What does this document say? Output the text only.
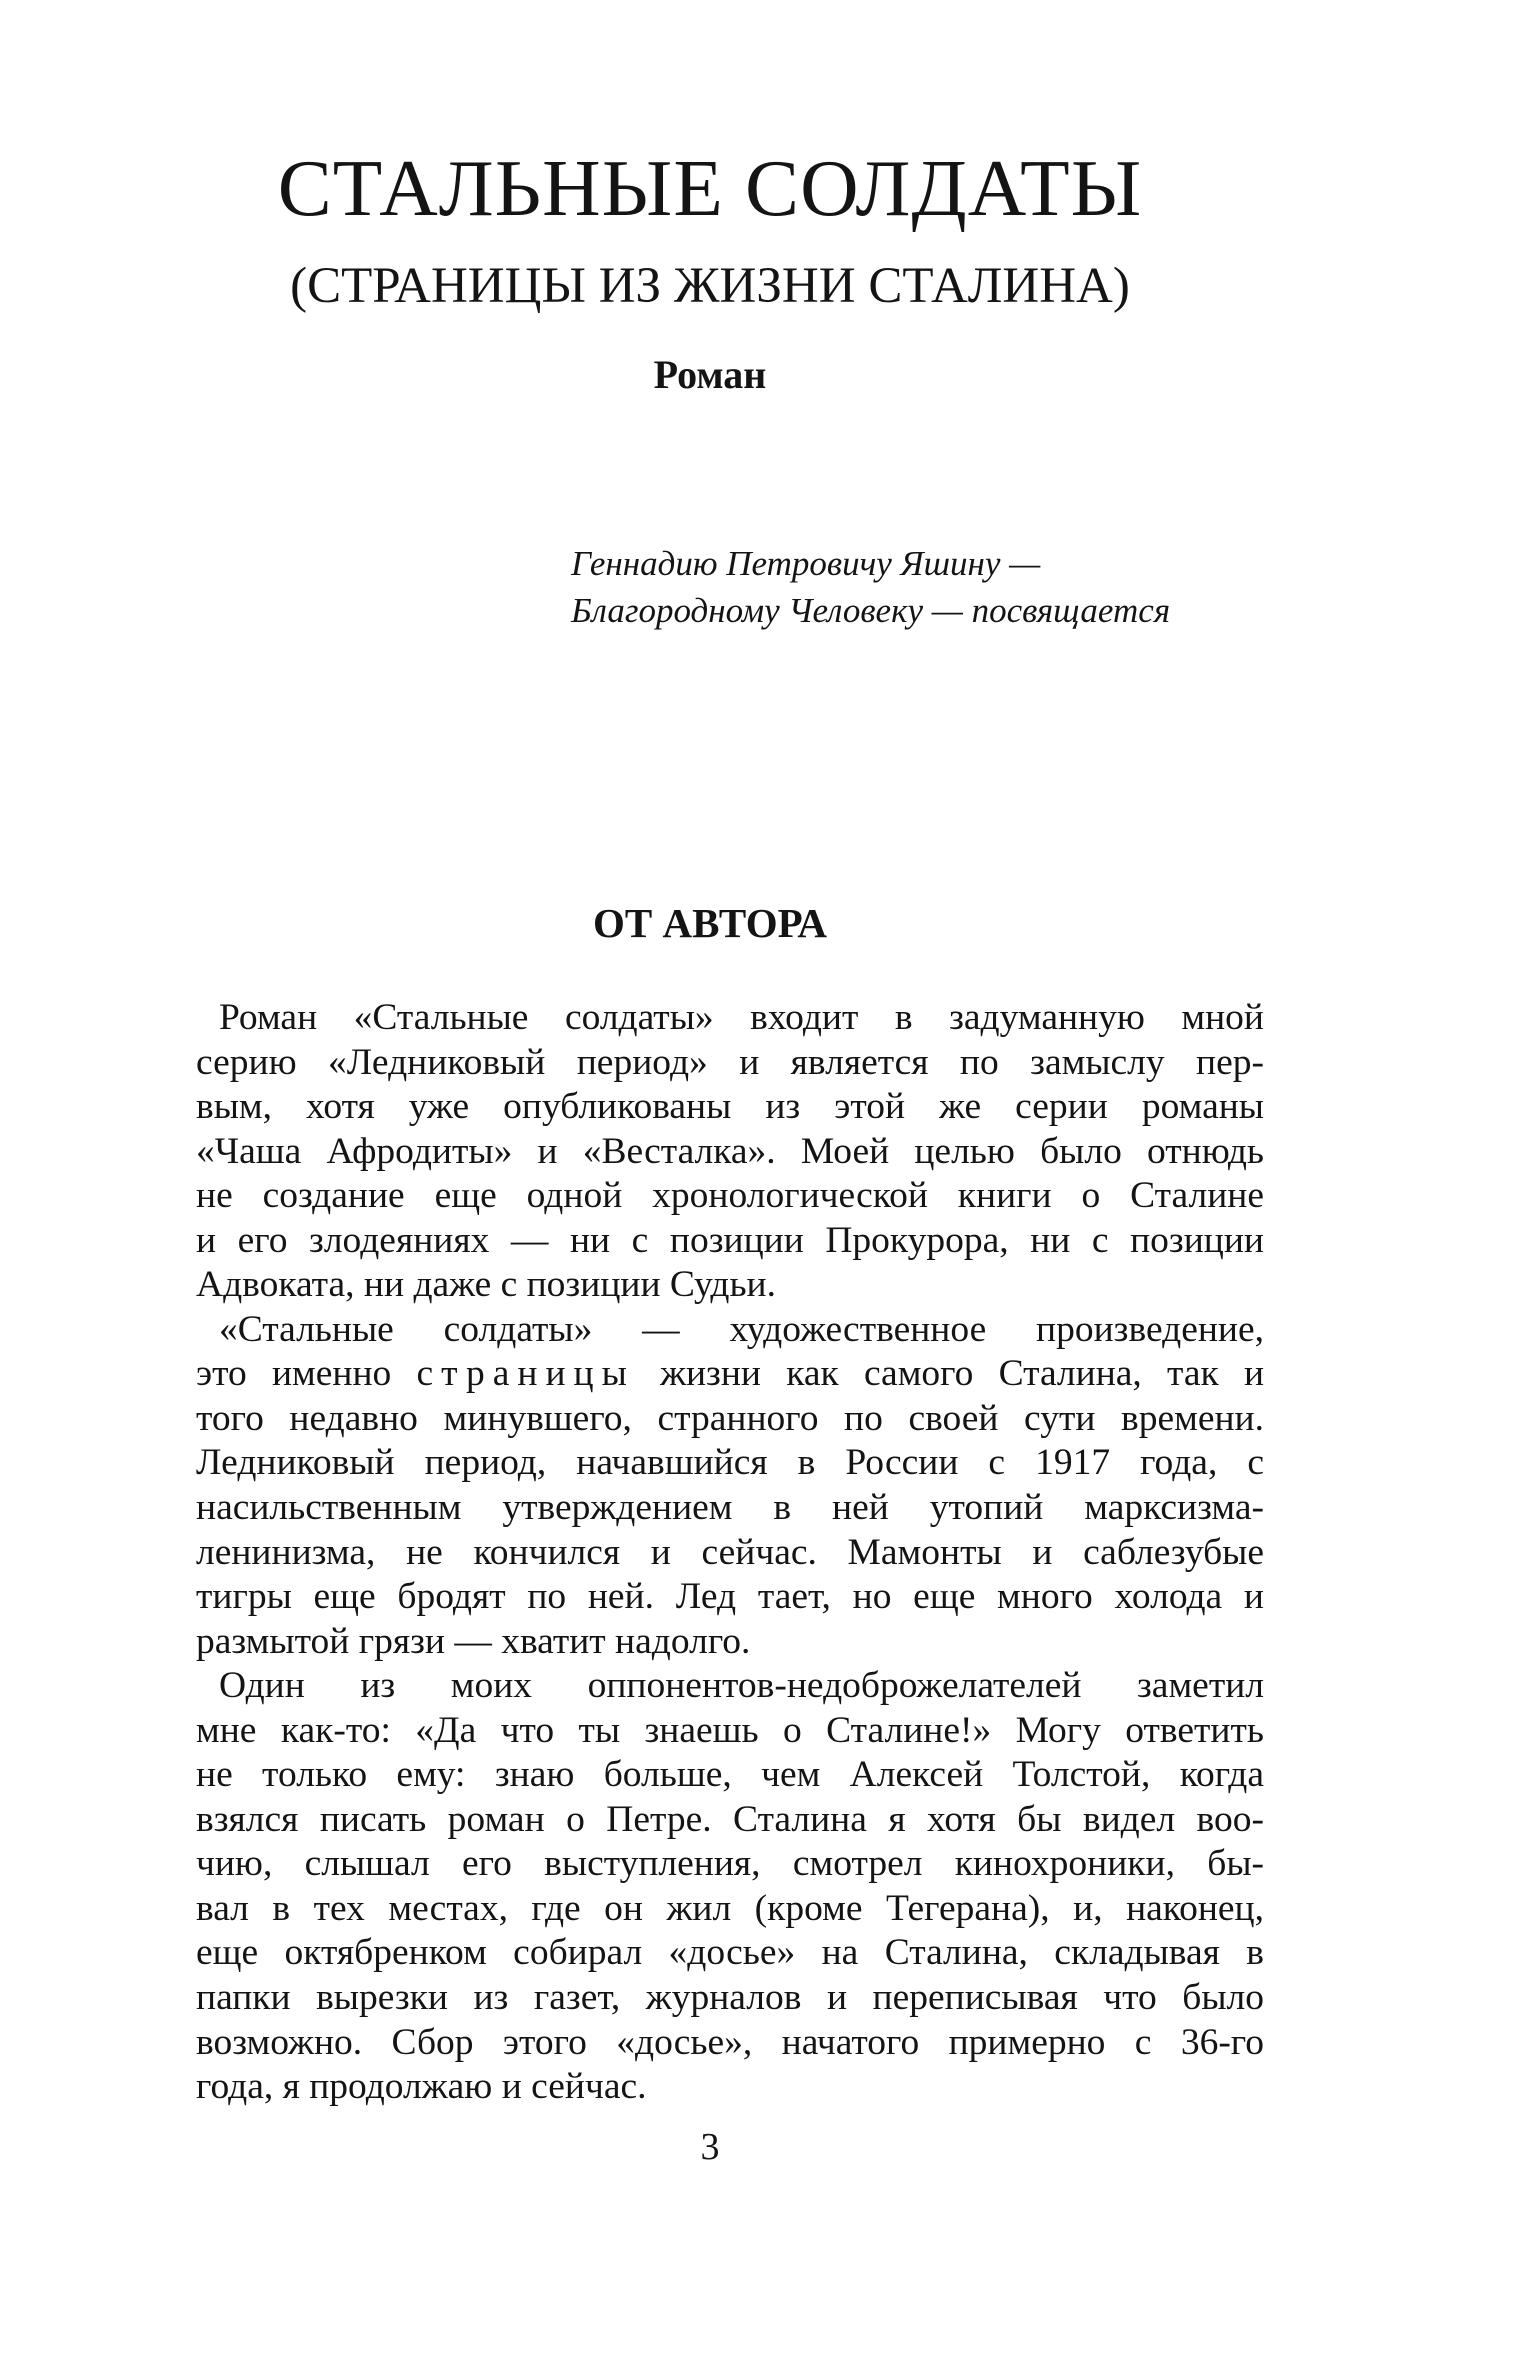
СТАЛЬНЫЕ СОЛДАТЫ
(СТРАНИЦЫ ИЗ ЖИЗНИ СТАЛИНА)
Роман
Геннадию Петровичу Яшину —
Благородному Человеку — посвящается
ОТ АВТОРА
Роман «Стальные солдаты» входит в задуманную мной
серию «Ледниковый период» и является по замыслу пер-
вым, хотя уже опубликованы из этой же серии романы
«Чаша Афродиты» и «Весталка». Моей целью было отнюдь
не создание еще одной хронологической книги о Сталине
и его злодеяниях — ни с позиции Прокурора, ни с позиции
Адвоката, ни даже с позиции Судьи.
«Стальные солдаты» — художественное произведение,
это именно страницы жизни как самого Сталина, так и
того недавно минувшего, странного по своей сути времени.
Ледниковый период, начавшийся в России с 1917 года, с
насильственным утверждением в ней утопий марксизма-
ленинизма, не кончился и сейчас. Мамонты и саблезубые
тигры еще бродят по ней. Лед тает, но еще много холода и
размытой грязи — хватит надолго.
Один из моих оппонентов-недоброжелателей заметил
мне как-то: «Да что ты знаешь о Сталине!» Могу ответить
не только ему: знаю больше, чем Алексей Толстой, когда
взялся писать роман о Петре. Сталина я хотя бы видел воо-
чию, слышал его выступления, смотрел кинохроники, бы-
вал в тех местах, где он жил (кроме Тегерана), и, наконец,
еще октябренком собирал «досье» на Сталина, складывая в
папки вырезки из газет, журналов и переписывая что было
возможно. Сбор этого «досье», начатого примерно с 36-го
года, я продолжаю и сейчас.
3
